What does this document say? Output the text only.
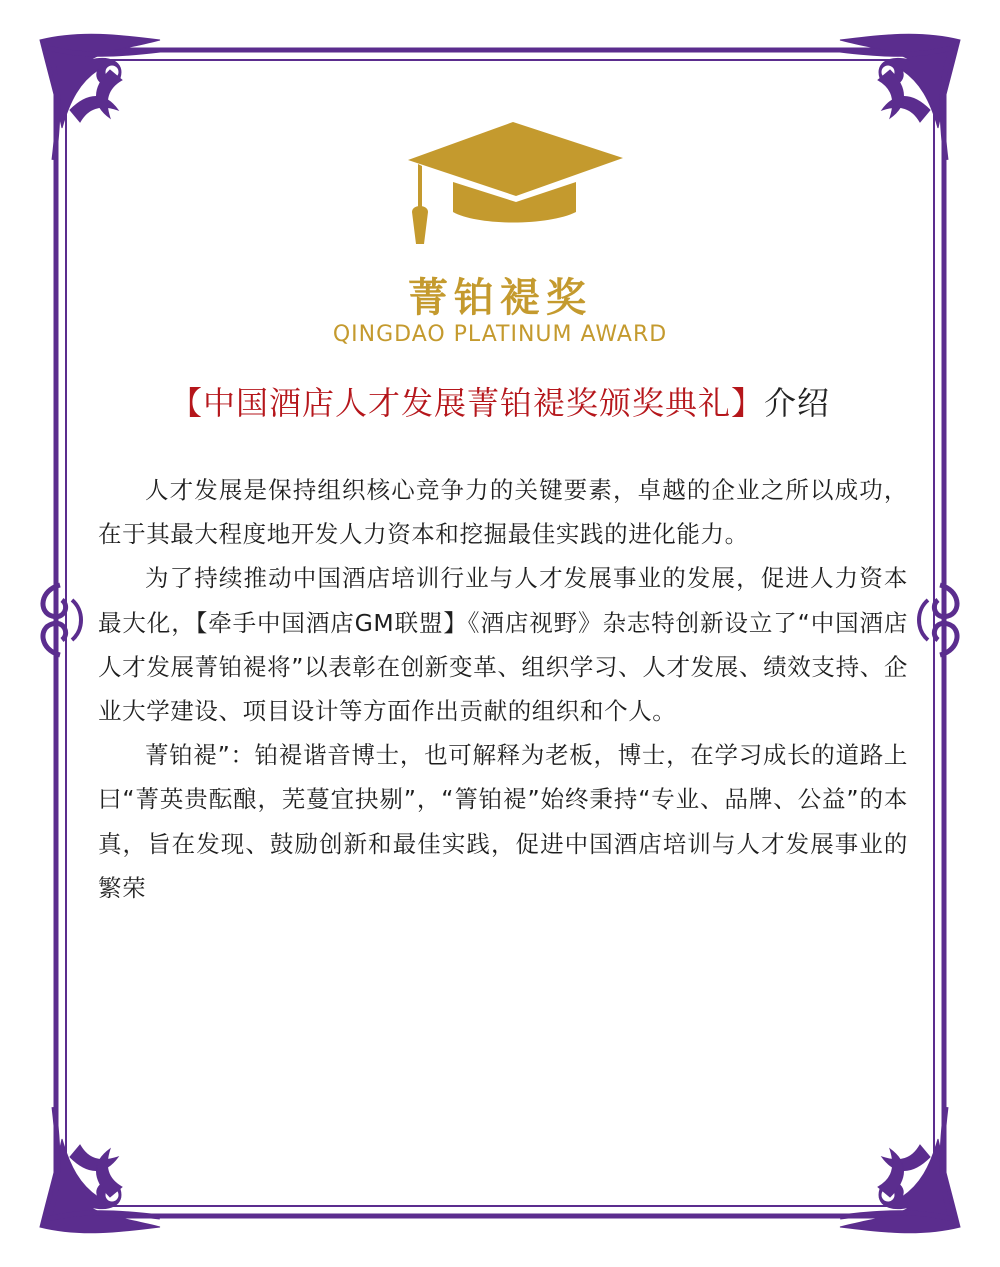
菁铂褆奖
QINGDAO PLATINUM AWARD
【中国酒店人才发展菁铂褆奖颁奖典礼】介绍

人才发展是保持组织核心竞争力的关键要素，卓越的企业之所以成功，在于其最大程度地开发人力资本和挖掘最佳实践的进化能力。

为了持续推动中国酒店培训行业与人才发展事业的发展，促进人力资本最大化，【牵手中国酒店GM联盟】《酒店视野》杂志特创新设立了“中国酒店人才发展菁铂褆将”以表彰在创新变革、组织学习、人才发展、绩效支持、企业大学建设、项目设计等方面作出贡献的组织和个人。

菁铂褆”：铂褆谐音博士，也可解释为老板，博士，在学习成长的道路上曰“菁英贵酝酿，芜蔓宜抉剔”，“箐铂褆”始终秉持“专业、品牌、公益”的本真，旨在发现、鼓励创新和最佳实践，促进中国酒店培训与人才发展事业的繁荣
